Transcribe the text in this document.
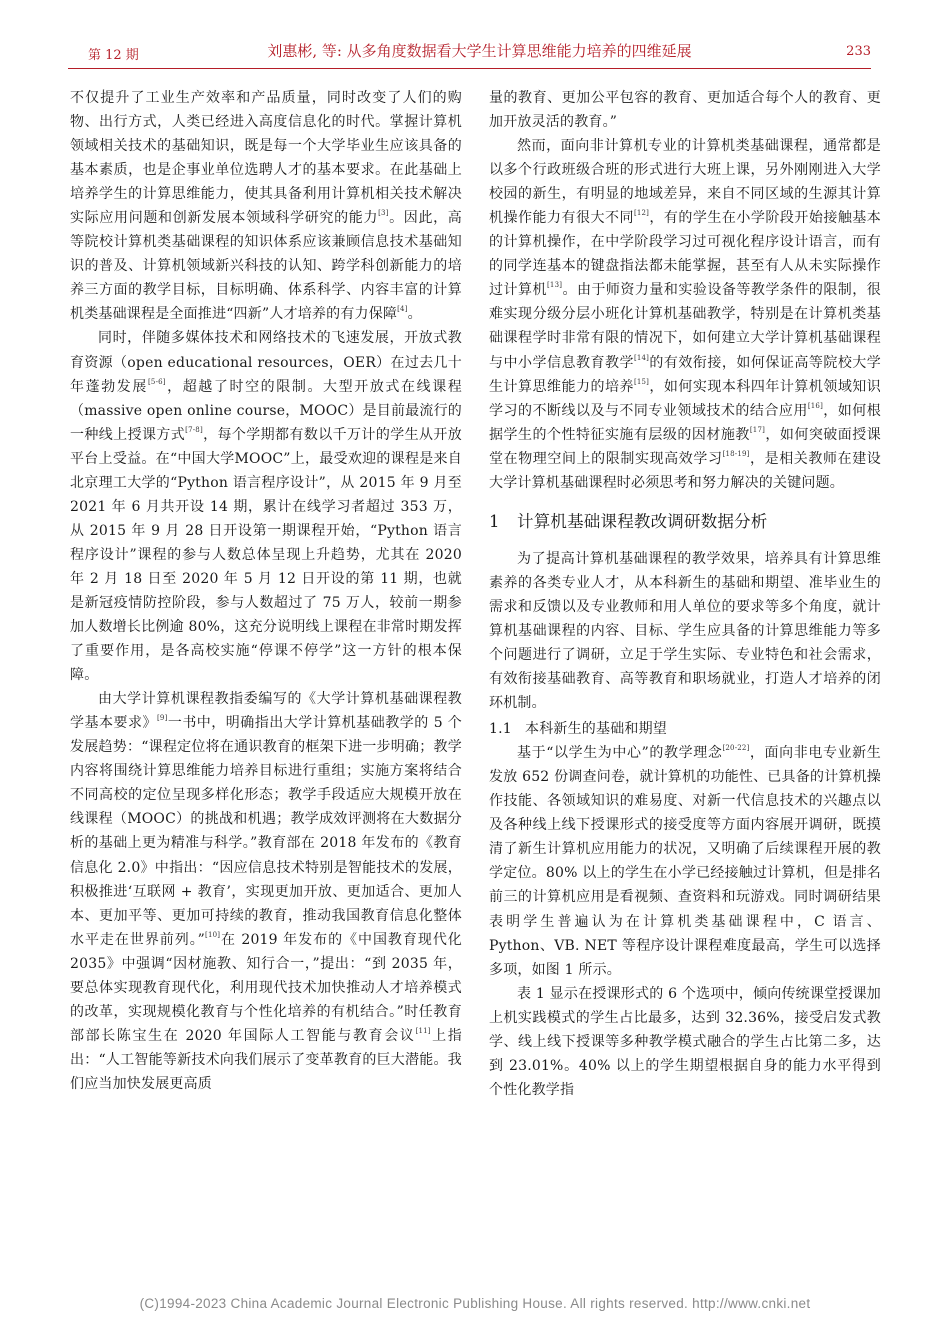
第 12 期	刘惠彬, 等: 从多角度数据看大学生计算思维能力培养的四维延展	233

不仅提升了工业生产效率和产品质量，同时改变了人们的购物、出行方式，人类已经进入高度信息化的时代。掌握计算机领域相关技术的基础知识，既是每一个大学毕业生应该具备的基本素质，也是企事业单位选聘人才的基本要求。在此基础上培养学生的计算思维能力，使其具备利用计算机相关技术解决实际应用问题和创新发展本领域科学研究的能力[3]。因此，高等院校计算机类基础课程的知识体系应该兼顾信息技术基础知识的普及、计算机领域新兴科技的认知、跨学科创新能力的培养三方面的教学目标，目标明确、体系科学、内容丰富的计算机类基础课程是全面推进“四新”人才培养的有力保障[4]。

同时，伴随多媒体技术和网络技术的飞速发展，开放式教育资源（open educational resources，OER）在过去几十年蓬勃发展[5-6]，超越了时空的限制。大型开放式在线课程（massive open online course，MOOC）是目前最流行的一种线上授课方式[7-8]，每个学期都有数以千万计的学生从开放平台上受益。在“中国大学MOOC”上，最受欢迎的课程是来自北京理工大学的“Python 语言程序设计”，从 2015 年 9 月至 2021 年 6 月共开设 14 期，累计在线学习者超过 353 万，从 2015 年 9 月 28 日开设第一期课程开始，“Python 语言程序设计”课程的参与人数总体呈现上升趋势，尤其在 2020 年 2 月 18 日至 2020 年 5 月 12 日开设的第 11 期，也就是新冠疫情防控阶段，参与人数超过了 75 万人，较前一期参加人数增长比例逾 80%，这充分说明线上课程在非常时期发挥了重要作用，是各高校实施“停课不停学”这一方针的根本保障。

由大学计算机课程教指委编写的《大学计算机基础课程教学基本要求》[9]一书中，明确指出大学计算机基础教学的 5 个发展趋势：“课程定位将在通识教育的框架下进一步明确；教学内容将围绕计算思维能力培养目标进行重组；实施方案将结合不同高校的定位呈现多样化形态；教学手段适应大规模开放在线课程（MOOC）的挑战和机遇；教学成效评测将在大数据分析的基础上更为精准与科学。”教育部在 2018 年发布的《教育信息化 2.0》中指出：“因应信息技术特别是智能技术的发展，积极推进‘互联网 + 教育’，实现更加开放、更加适合、更加人本、更加平等、更加可持续的教育，推动我国教育信息化整体水平走在世界前列。”[10]在 2019 年发布的《中国教育现代化 2035》中强调“因材施教、知行合一，”提出：“到 2035 年，要总体实现教育现代化，利用现代技术加快推动人才培养模式的改革，实现规模化教育与个性化培养的有机结合。”时任教育部部长陈宝生在 2020 年国际人工智能与教育会议[11]上指出：“人工智能等新技术向我们展示了变革教育的巨大潜能。我们应当加快发展更高质

量的教育、更加公平包容的教育、更加适合每个人的教育、更加开放灵活的教育。”

然而，面向非计算机专业的计算机类基础课程，通常都是以多个行政班级合班的形式进行大班上课，另外刚刚进入大学校园的新生，有明显的地域差异，来自不同区域的生源其计算机操作能力有很大不同[12]，有的学生在小学阶段开始接触基本的计算机操作，在中学阶段学习过可视化程序设计语言，而有的同学连基本的键盘指法都未能掌握，甚至有人从未实际操作过计算机[13]。由于师资力量和实验设备等教学条件的限制，很难实现分级分层小班化计算机基础教学，特别是在计算机类基础课程学时非常有限的情况下，如何建立大学计算机基础课程与中小学信息教育教学[14]的有效衔接，如何保证高等院校大学生计算思维能力的培养[15]，如何实现本科四年计算机领域知识学习的不断线以及与不同专业领域技术的结合应用[16]，如何根据学生的个性特征实施有层级的因材施教[17]，如何突破面授课堂在物理空间上的限制实现高效学习[18-19]，是相关教师在建设大学计算机基础课程时必须思考和努力解决的关键问题。

1 计算机基础课程教改调研数据分析

为了提高计算机基础课程的教学效果，培养具有计算思维素养的各类专业人才，从本科新生的基础和期望、准毕业生的需求和反馈以及专业教师和用人单位的要求等多个角度，就计算机基础课程的内容、目标、学生应具备的计算思维能力等多个问题进行了调研，立足于学生实际、专业特色和社会需求，有效衔接基础教育、高等教育和职场就业，打造人才培养的闭环机制。

1.1 本科新生的基础和期望

基于“以学生为中心”的教学理念[20-22]，面向非电专业新生发放 652 份调查问卷，就计算机的功能性、已具备的计算机操作技能、各领域知识的难易度、对新一代信息技术的兴趣点以及各种线上线下授课形式的接受度等方面内容展开调研，既摸清了新生计算机应用能力的状况，又明确了后续课程开展的教学定位。80% 以上的学生在小学已经接触过计算机，但是排名前三的计算机应用是看视频、查资料和玩游戏。同时调研结果表明学生普遍认为在计算机类基础课程中，C 语言、Python、VB. NET 等程序设计课程难度最高，学生可以选择多项，如图 1 所示。

表 1 显示在授课形式的 6 个选项中，倾向传统课堂授课加上机实践模式的学生占比最多，达到 32.36%，接受启发式教学、线上线下授课等多种教学模式融合的学生占比第二多，达到 23.01%。40% 以上的学生期望根据自身的能力水平得到个性化教学指

(C)1994-2023 China Academic Journal Electronic Publishing House. All rights reserved. http://www.cnki.net
